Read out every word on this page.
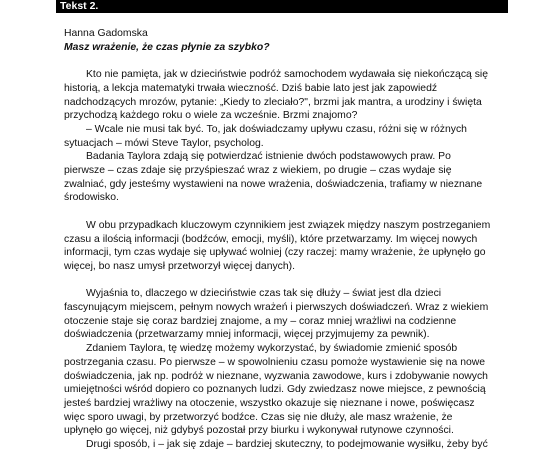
Tekst 2.

Hanna Gadomska

Masz wrażenie, że czas płynie za szybko?

Kto nie pamięta, jak w dzieciństwie podróż samochodem wydawała się niekończącą się
historią, a lekcja matematyki trwała wieczność. Dziś babie lato jest jak zapowiedź
nadchodzących mrozów, pytanie: „Kiedy to zleciało?", brzmi jak mantra, a urodziny i święta
przychodzą każdego roku o wiele za wcześnie. Brzmi znajomo?
– Wcale nie musi tak być. To, jak doświadczamy upływu czasu, różni się w różnych
sytuacjach – mówi Steve Taylor, psycholog.
Badania Taylora zdają się potwierdzać istnienie dwóch podstawowych praw. Po
pierwsze – czas zdaje się przyśpieszać wraz z wiekiem, po drugie – czas wydaje się
zwalniać, gdy jesteśmy wystawieni na nowe wrażenia, doświadczenia, trafiamy w nieznane
środowisko.

W obu przypadkach kluczowym czynnikiem jest związek między naszym postrzeganiem
czasu a ilością informacji (bodźców, emocji, myśli), które przetwarzamy. Im więcej nowych
informacji, tym czas wydaje się upływać wolniej (czy raczej: mamy wrażenie, że upłynęło go
więcej, bo nasz umysł przetworzył więcej danych).

Wyjaśnia to, dlaczego w dzieciństwie czas tak się dłuży – świat jest dla dzieci
fascynującym miejscem, pełnym nowych wrażeń i pierwszych doświadczeń. Wraz z wiekiem
otoczenie staje się coraz bardziej znajome, a my – coraz mniej wrażliwi na codzienne
doświadczenia (przetwarzamy mniej informacji, więcej przyjmujemy za pewnik).
Zdaniem Taylora, tę wiedzę możemy wykorzystać, by świadomie zmienić sposób
postrzegania czasu. Po pierwsze – w spowolnieniu czasu pomoże wystawienie się na nowe
doświadczenia, jak np. podróż w nieznane, wyzwania zawodowe, kurs i zdobywanie nowych
umiejętności wśród dopiero co poznanych ludzi. Gdy zwiedzasz nowe miejsce, z pewnością
jesteś bardziej wrażliwy na otoczenie, wszystko okazuje się nieznane i nowe, poświęcasz
więc sporo uwagi, by przetworzyć bodźce. Czas się nie dłuży, ale masz wrażenie, że
upłynęło go więcej, niż gdybyś pozostał przy biurku i wykonywał rutynowe czynności.
Drugi sposób, i – jak się zdaje – bardziej skuteczny, to podejmowanie wysiłku, żeby być
